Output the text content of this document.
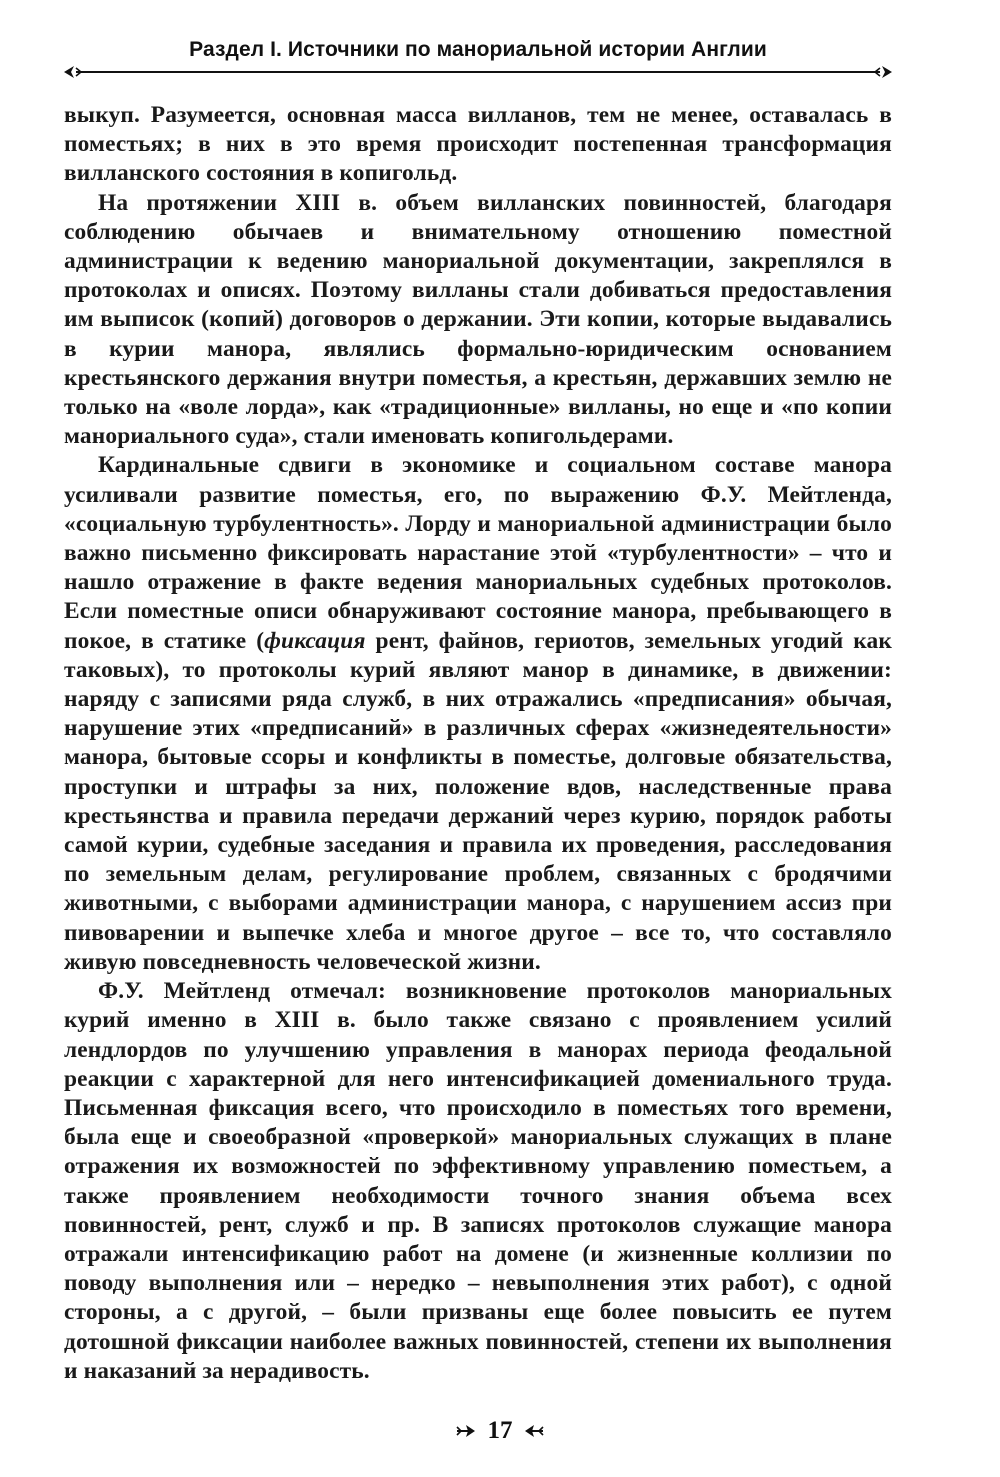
Раздел I. Источники по манориальной истории Англии

выкуп. Разумеется, основная масса вилланов, тем не менее, оставалась в поместьях; в них в это время происходит постепенная трансформация вилланского состояния в копигольд.

На протяжении XIII в. объем вилланских повинностей, благодаря соблюдению обычаев и внимательному отношению поместной администрации к ведению манориальной документации, закреплялся в протоколах и описях. Поэтому вилланы стали добиваться предоставления им выписок (копий) договоров о держании. Эти копии, которые выдавались в курии манора, являлись формально-юридическим основанием крестьянского держания внутри поместья, а крестьян, державших землю не только на «воле лорда», как «традиционные» вилланы, но еще и «по копии манориального суда», стали именовать копигольдерами.

Кардинальные сдвиги в экономике и социальном составе манора усиливали развитие поместья, его, по выражению Ф.У. Мейтленда, «социальную турбулентность». Лорду и манориальной администрации было важно письменно фиксировать нарастание этой «турбулентности» – что и нашло отражение в факте ведения манориальных судебных протоколов. Если поместные описи обнаруживают состояние манора, пребывающего в покое, в статике (фиксация рент, файнов, гериотов, земельных угодий как таковых), то протоколы курий являют манор в динамике, в движении: наряду с записями ряда служб, в них отражались «предписания» обычая, нарушение этих «предписаний» в различных сферах «жизнедеятельности» манора, бытовые ссоры и конфликты в поместье, долговые обязательства, проступки и штрафы за них, положение вдов, наследственные права крестьянства и правила передачи держаний через курию, порядок работы самой курии, судебные заседания и правила их проведения, расследования по земельным делам, регулирование проблем, связанных с бродячими животными, с выборами администрации манора, с нарушением ассиз при пивоварении и выпечке хлеба и многое другое – все то, что составляло живую повседневность человеческой жизни.

Ф.У. Мейтленд отмечал: возникновение протоколов манориальных курий именно в XIII в. было также связано с проявлением усилий лендлордов по улучшению управления в манорах периода феодальной реакции с характерной для него интенсификацией домениального труда. Письменная фиксация всего, что происходило в поместьях того времени, была еще и своеобразной «проверкой» манориальных служащих в плане отражения их возможностей по эффективному управлению поместьем, а также проявлением необходимости точного знания объема всех повинностей, рент, служб и пр. В записях протоколов служащие манора отражали интенсификацию работ на домене (и жизненные коллизии по поводу выполнения или – нередко – невыполнения этих работ), с одной стороны, а с другой, – были призваны еще более повысить ее путем дотошной фиксации наиболее важных повинностей, степени их выполнения и наказаний за нерадивость.

17
